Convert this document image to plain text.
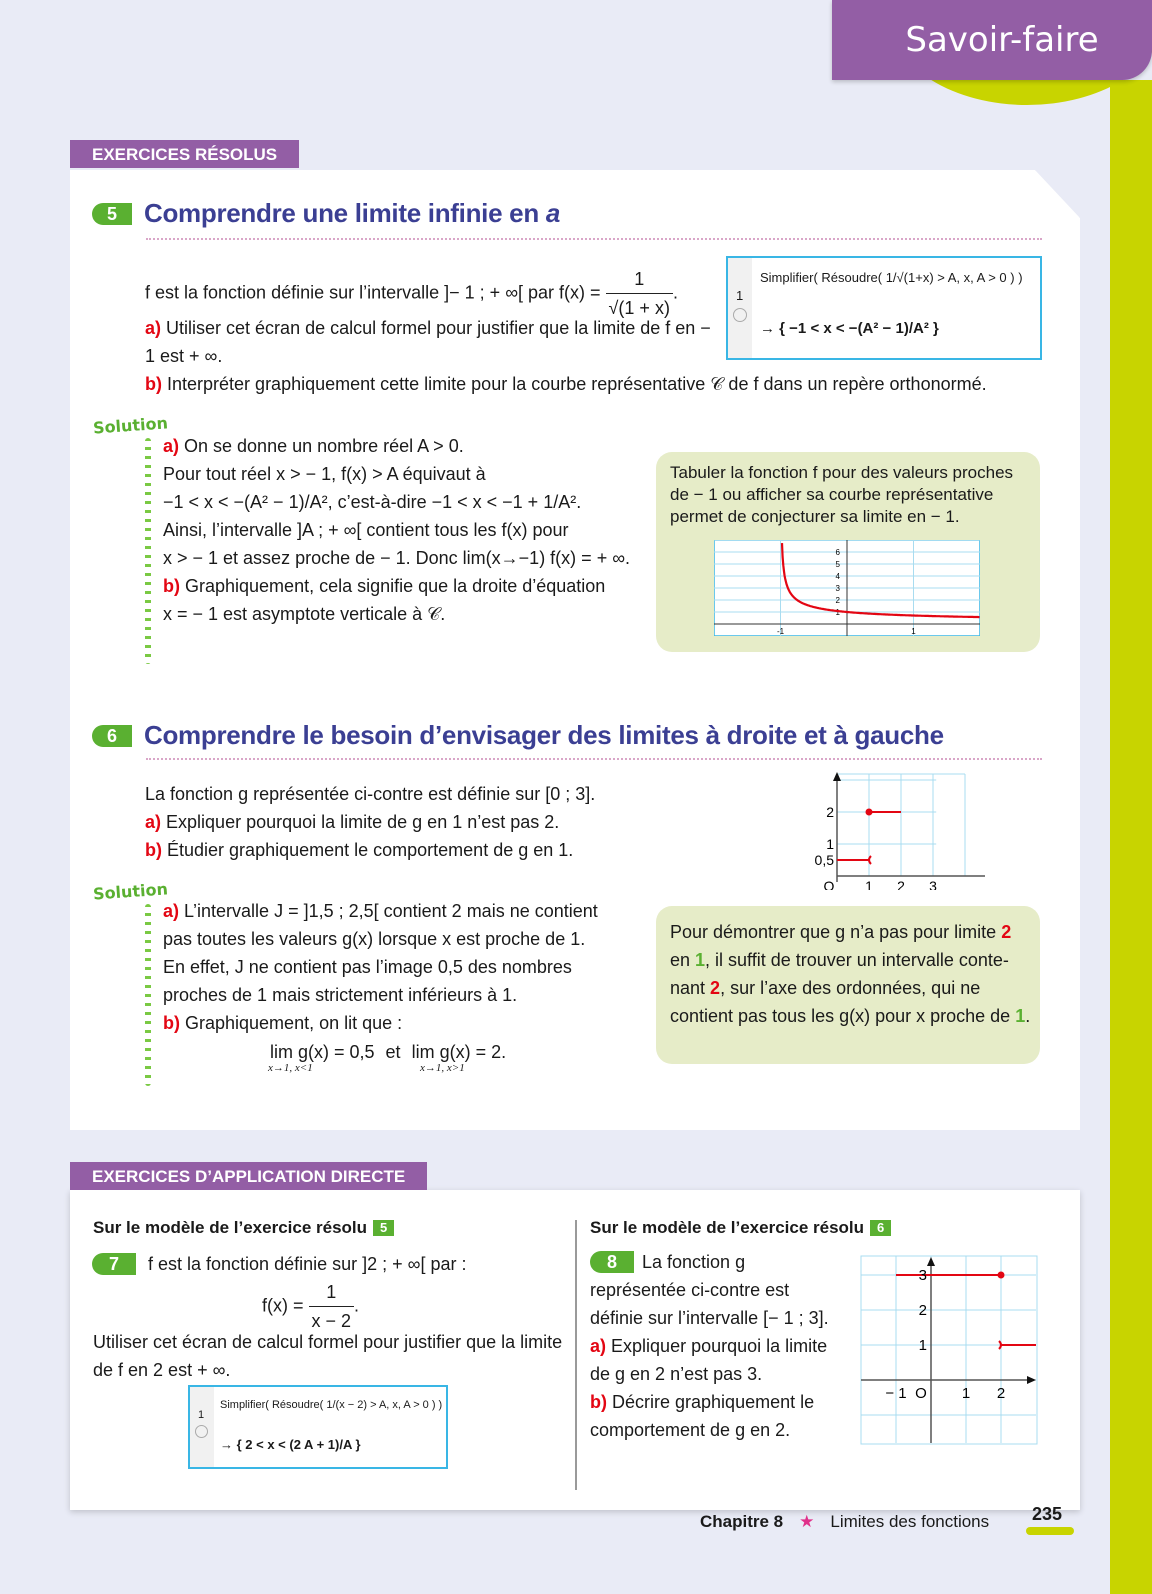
Savoir-faire
EXERCICES RÉSOLUS
5	Comprendre une limite infinie en a
f est la fonction définie sur l’intervalle ]− 1 ; + ∞[ par $f(x) = \frac{1}{√(1 + x)}$ .
a) Utiliser cet écran de calcul formel pour justifier que la limite de f en − 1 est + ∞.
b) Interpréter graphiquement cette limite pour la courbe représentative 𝒞 de f dans un repère orthonormé.
1
Simplifier( Résoudre( 1/√(1+x) > A, x, A > 0 ) )
→ { −1 < x < −(A² − 1)/A² }
Solution
a) On se donne un nombre réel A > 0.
Pour tout réel x > − 1, f(x) > A équivaut à
−1 < x < −(A² − 1)/A², c’est-à-dire −1 < x < −1 + 1/A².
Ainsi, l’intervalle ]A ; + ∞[ contient tous les f(x) pour
x > − 1 et assez proche de − 1. Donc lim(x→−1) f(x) = + ∞.
b) Graphiquement, cela signifie que la droite d’équation
x = − 1 est asymptote verticale à 𝒞.
Tabuler la fonction f pour des valeurs proches de − 1 ou afficher sa courbe représentative permet de conjecturer sa limite en − 1.
1
2
3
4
5
6
-1	1
6	Comprendre le besoin d’envisager des limites à droite et à gauche
La fonction g représentée ci-contre est définie sur [0 ; 3].
a) Expliquer pourquoi la limite de g en 1 n’est pas 2.
b) Étudier graphiquement le comportement de g en 1.	0,5
1
2
O 1 2 3
Solution
a) L’intervalle J = ]1,5 ; 2,5[ contient 2 mais ne contient
pas toutes les valeurs g(x) lorsque x est proche de 1.
En effet, J ne contient pas l’image 0,5 des nombres
proches de 1 mais strictement inférieurs à 1.
b) Graphiquement, on lit que :
lim g(x) = 0,5 et lim g(x) = 2.
x→1, x<1	x→1, x>1
Pour démontrer que g n’a pas pour limite 2 en 1, il suffit de trouver un intervalle contenant 2, sur l’axe des ordonnées, qui ne contient pas tous les g(x) pour x proche de 1.
EXERCICES D’APPLICATION DIRECTE
Sur le modèle de l’exercice résolu	5
7	f est la fonction définie sur ]2 ; + ∞[ par :
$f(x) = \frac{1}{x - 2}$ .
Utiliser cet écran de calcul formel pour justifier que la limite de f en 2 est + ∞.
1
Simplifier( Résoudre( 1/(x − 2) > A, x, A > 0 ) )
→ { 2 < x < (2 A + 1)/A }
Sur le modèle de l’exercice résolu	6
8	La fonction g représentée ci-contre est définie sur l’intervalle [− 1 ; 3].
a) Expliquer pourquoi la limite de g en 2 n’est pas 3.
b) Décrire graphiquement le comportement de g en 2.
1
2
3
− 1 O 1 2
Chapitre 8 ★ Limites des fonctions 235
